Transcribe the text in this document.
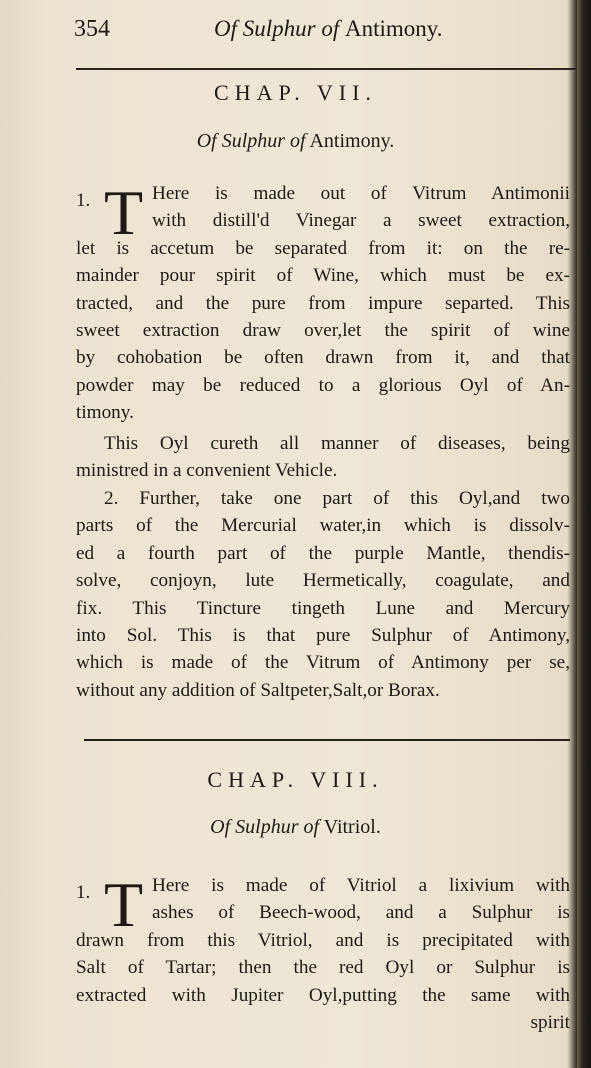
354	Of Sulphur of Antimony.
CHAP. VII.
Of Sulphur of Antimony.
1. T Here is made out of Vitrum Antimonii
with distill'd Vinegar a sweet extraction,
let is accetum be separated from it: on the re-
mainder pour spirit of Wine, which must be ex-
tracted, and the pure from impure separted. This
sweet extraction draw over,let the spirit of wine
by cohobation be often drawn from it, and that
powder may be reduced to a glorious Oyl of An-
timony.
This Oyl cureth all manner of diseases, being
ministred in a convenient Vehicle.
2. Further, take one part of this Oyl,and two
parts of the Mercurial water,in which is dissolv-
ed a fourth part of the purple Mantle, thendis-
solve, conjoyn, lute Hermetically, coagulate, and
fix. This Tincture tingeth Lune and Mercury
into Sol. This is that pure Sulphur of Antimony,
which is made of the Vitrum of Antimony per se,
without any addition of Saltpeter,Salt,or Borax.
CHAP. VIII.
Of Sulphur of Vitriol.
1. T Here is made of Vitriol a lixivium with
ashes of Beech-wood, and a Sulphur is
drawn from this Vitriol, and is precipitated with
Salt of Tartar; then the red Oyl or Sulphur is
extracted with Jupiter Oyl,putting the same with
spirit
